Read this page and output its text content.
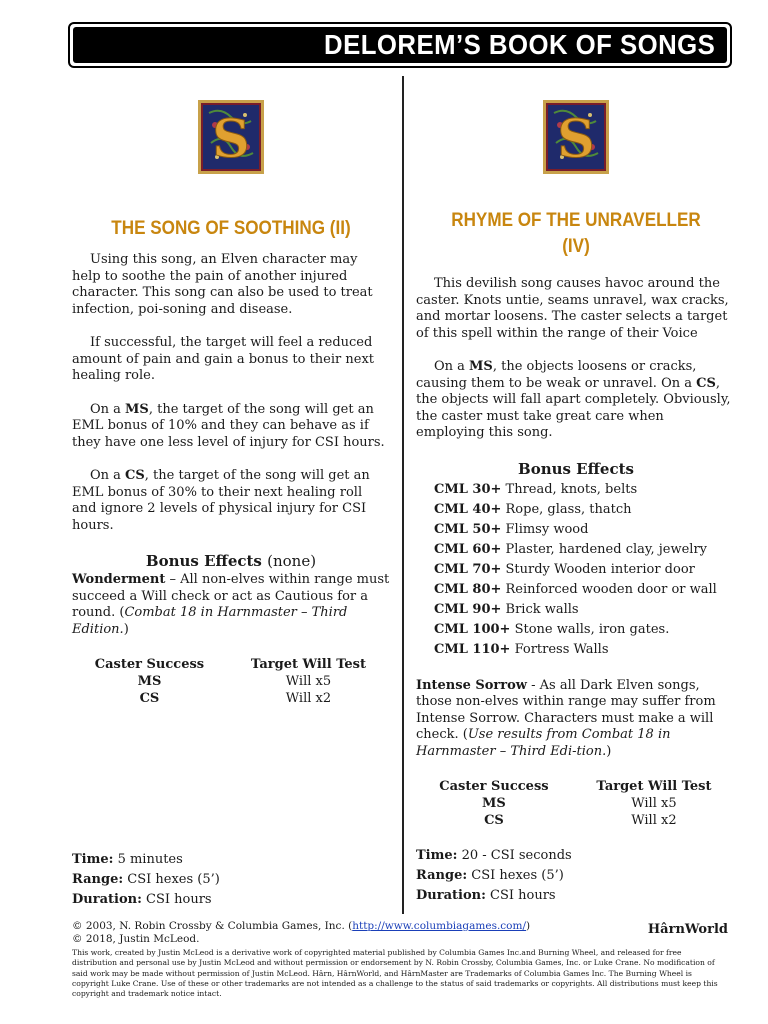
DELOREM’S BOOK OF SONGS
S
THE SONG OF SOOTHING (II)

Using this song, an Elven character may help to soothe the pain of another injured character. This song can also be used to treat infection, poi-soning and disease.

If successful, the target will feel a reduced amount of pain and gain a bonus to their next healing role.

On a MS, the target of the song will get an EML bonus of 10% and they can behave as if they have one less level of injury for CSI hours.

On a CS, the target of the song will get an EML bonus of 30% to their next healing roll and ignore 2 levels of physical injury for CSI hours.

Bonus Effects (none)

Wonderment – All non-elves within range must succeed a Will check or act as Cautious for a round. (Combat 18 in Harnmaster – Third Edition.)

Caster Success	Target Will Test
MS	Will x5
CS	Will x2

Time: 5 minutes

Range: CSI hexes (5’)

Duration: CSI hours

S
RHYME OF THE UNRAVELLER
(IV)

This devilish song causes havoc around the caster. Knots untie, seams unravel, wax cracks, and mortar loosens. The caster selects a target of this spell within the range of their Voice

On a MS, the objects loosens or cracks, causing them to be weak or unravel. On a CS, the objects will fall apart completely. Obviously, the caster must take great care when employing this song.

Bonus Effects

CML 30+ Thread, knots, belts
CML 40+ Rope, glass, thatch
CML 50+ Flimsy wood
CML 60+ Plaster, hardened clay, jewelry
CML 70+ Sturdy Wooden interior door
CML 80+ Reinforced wooden door or wall
CML 90+ Brick walls
CML 100+ Stone walls, iron gates.
CML 110+ Fortress Walls

Intense Sorrow - As all Dark Elven songs, those non-elves within range may suffer from Intense Sorrow. Characters must make a will check. (Use results from Combat 18 in Harnmaster – Third Edi-tion.)

Caster Success	Target Will Test
MS	Will x5
CS	Will x2

Time: 20 - CSI seconds

Range: CSI hexes (5’)

Duration: CSI hours

© 2003, N. Robin Crossby & Columbia Games, Inc. (http://www.columbiagames.com/)
© 2018, Justin McLeod.
HârnWorld
This work, created by Justin McLeod is a derivative work of copyrighted material published by Columbia Games Inc.and Burning Wheel, and released for free distribution and personal use by Justin McLeod and without permission or endorsement by N. Robin Crossby, Columbia Games, Inc. or Luke Crane. No modification of said work may be made without permission of Justin McLeod. Hârn, HârnWorld, and HârnMaster are Trademarks of Columbia Games Inc. The Burning Wheel is copyright Luke Crane. Use of these or other trademarks are not intended as a challenge to the status of said trademarks or copyrights. All distributions must keep this copyright and trademark notice intact.
